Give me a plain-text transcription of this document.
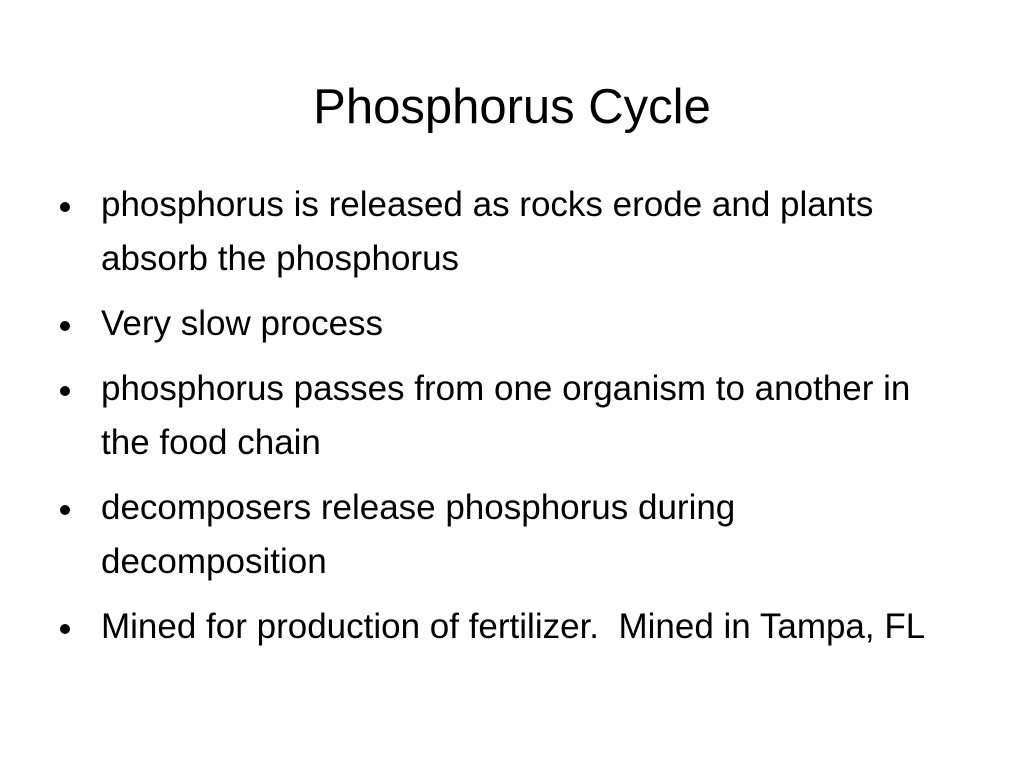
Phosphorus Cycle
phosphorus is released as rocks erode and plants absorb the phosphorus
Very slow process
phosphorus passes from one organism to another in the food chain
decomposers release phosphorus during decomposition
Mined for production of fertilizer.  Mined in Tampa, FL
